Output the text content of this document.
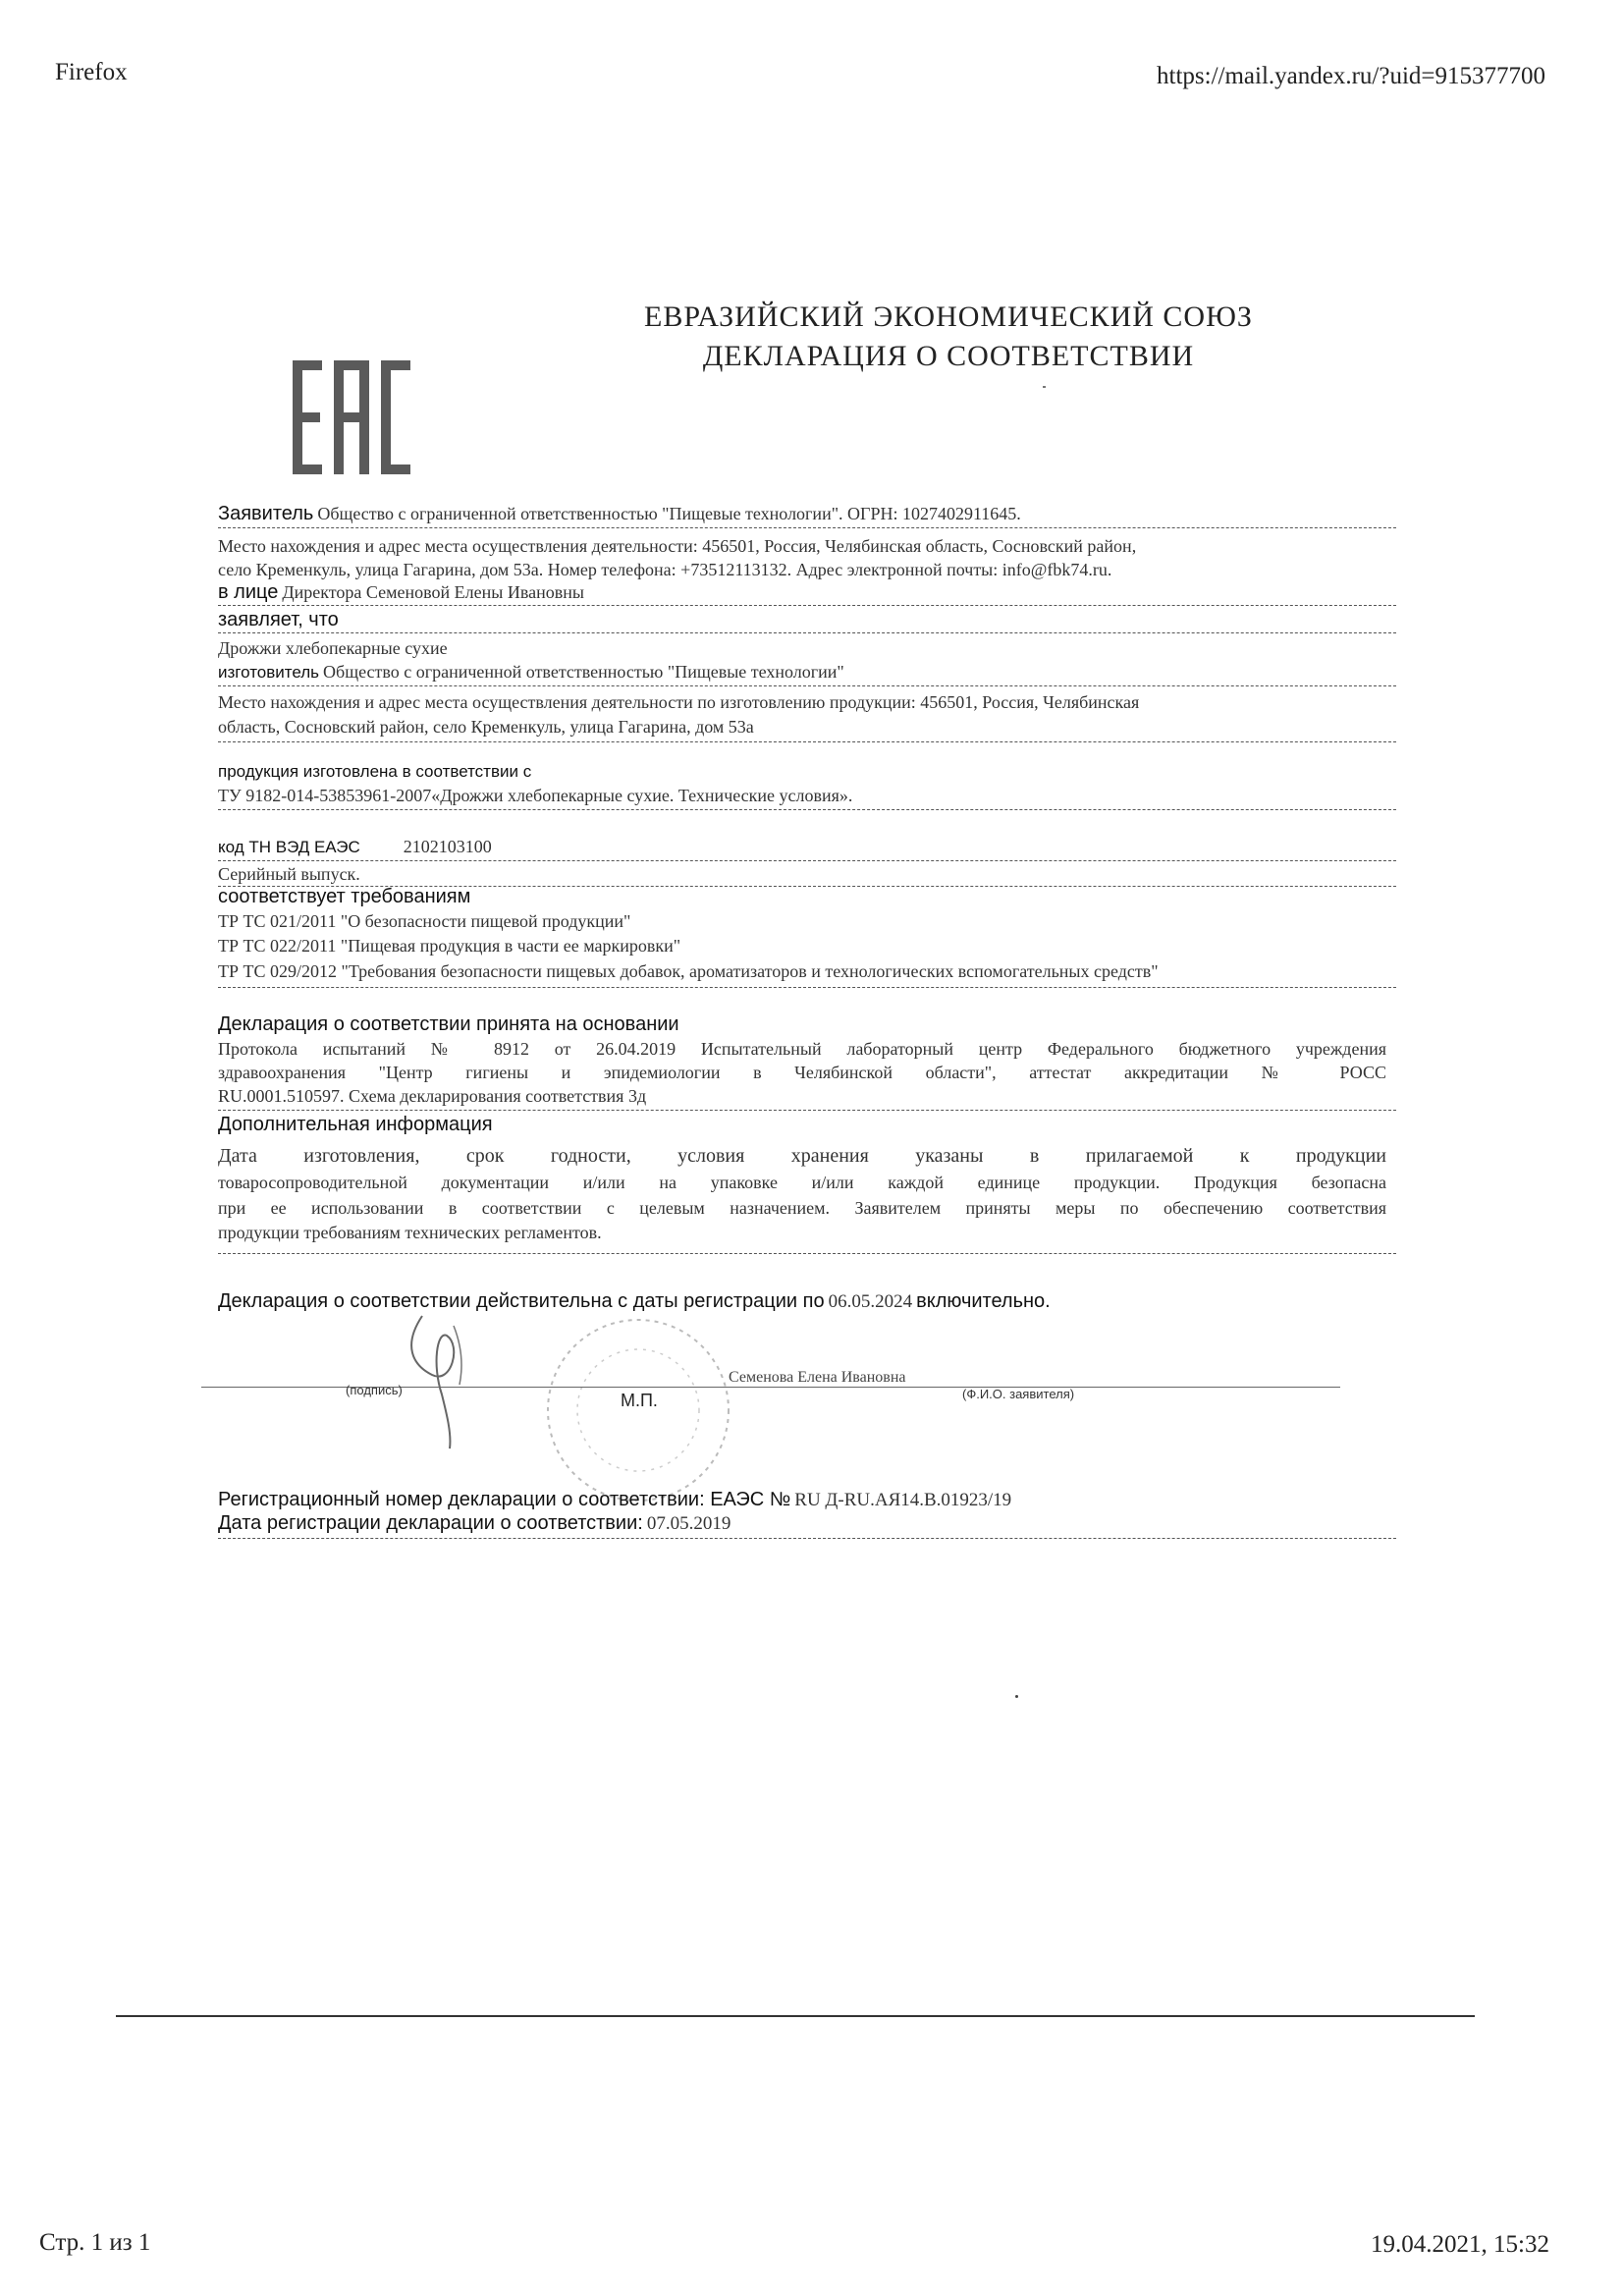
Firefox	https://mail.yandex.ru/?uid=915377700
ЕВРАЗИЙСКИЙ ЭКОНОМИЧЕСКИЙ СОЮЗ
ДЕКЛАРАЦИЯ О СООТВЕТСТВИИ
Заявитель Общество с ограниченной ответственностью "Пищевые технологии". ОГРН: 1027402911645.
Место нахождения и адрес места осуществления деятельности: 456501, Россия, Челябинская область, Сосновский район,
село Кременкуль, улица Гагарина, дом 53а. Номер телефона: +73512113132. Адрес электронной почты: info@fbk74.ru.
в лице Директора Семеновой Елены Ивановны
заявляет, что
Дрожжи хлебопекарные сухие
изготовитель Общество с ограниченной ответственностью "Пищевые технологии"
Место нахождения и адрес места осуществления деятельности по изготовлению продукции: 456501, Россия, Челябинская
область, Сосновский район, село Кременкуль, улица Гагарина, дом 53а
продукция изготовлена в соответствии с
ТУ 9182-014-53853961-2007«Дрожжи хлебопекарные сухие. Технические условия».
код ТН ВЭД ЕАЭС 2102103100
Серийный выпуск.
соответствует требованиям
ТР ТС 021/2011 "О безопасности пищевой продукции"
ТР ТС 022/2011 "Пищевая продукция в части ее маркировки"
ТР ТС 029/2012 "Требования безопасности пищевых добавок, ароматизаторов и технологических вспомогательных средств"
Декларация о соответствии принята на основании
Протокола испытаний № 8912 от 26.04.2019 Испытательный лабораторный центр Федерального бюджетного учреждения
здравоохранения "Центр гигиены и эпидемиологии в Челябинской области", аттестат аккредитации № РОСС
RU.0001.510597. Схема декларирования соответствия 3д
Дополнительная информация
Дата изготовления, срок годности, условия хранения указаны в прилагаемой к продукции
товаросопроводительной документации и/или на упаковке и/или каждой единице продукции. Продукция безопасна
при ее использовании в соответствии с целевым назначением. Заявителем приняты меры по обеспечению соответствия
продукции требованиям технических регламентов.
Декларация о соответствии действительна с даты регистрации по 06.05.2024 включительно.
(подпись)
М.П.
Семенова Елена Ивановна
(Ф.И.О. заявителя)
Регистрационный номер декларации о соответствии: ЕАЭС № RU Д-RU.АЯ14.В.01923/19
Дата регистрации декларации о соответствии: 07.05.2019
Стр. 1 из 1	19.04.2021, 15:32
